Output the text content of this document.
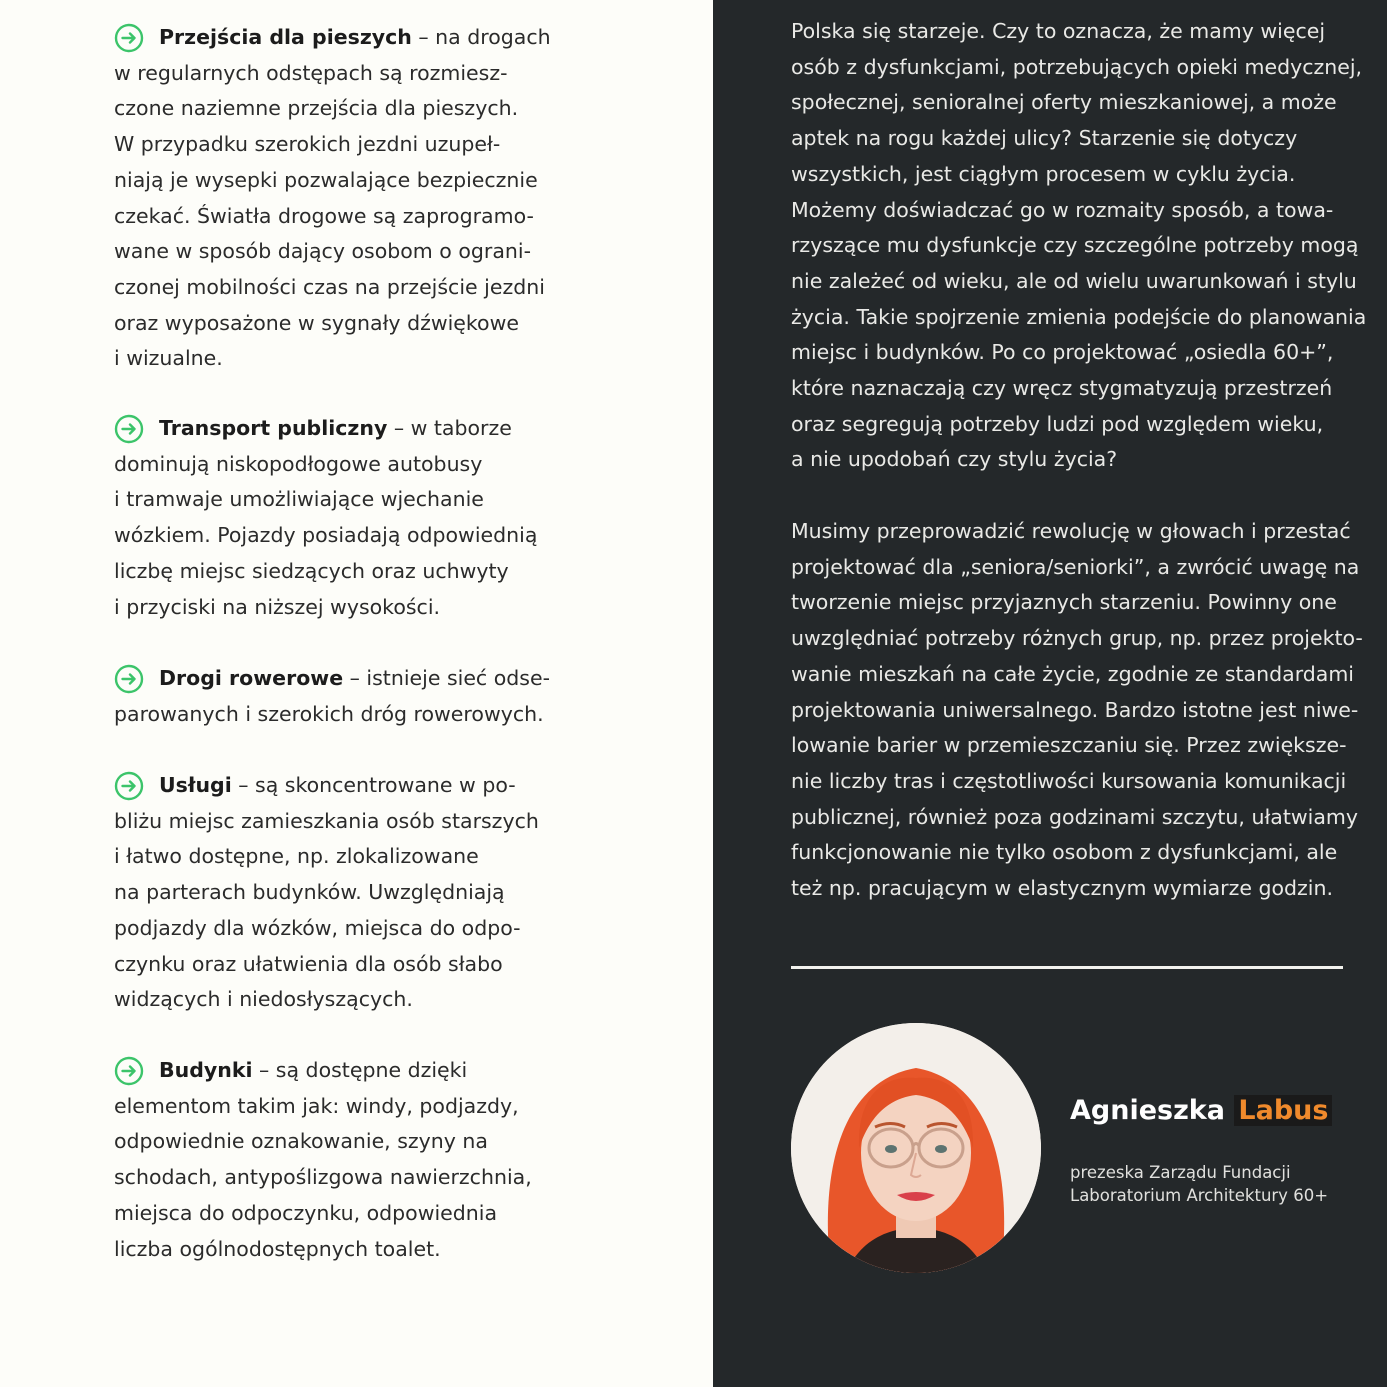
Przejścia dla pieszych – na drogach
w regularnych odstępach są rozmiesz-
czone naziemne przejścia dla pieszych.
W przypadku szerokich jezdni uzupeł-
niają je wysepki pozwalające bezpiecznie
czekać. Światła drogowe są zaprogramo-
wane w sposób dający osobom o ograni-
czonej mobilności czas na przejście jezdni
oraz wyposażone w sygnały dźwiękowe
i wizualne.
Transport publiczny – w taborze
dominują niskopodłogowe autobusy
i tramwaje umożliwiające wjechanie
wózkiem. Pojazdy posiadają odpowiednią
liczbę miejsc siedzących oraz uchwyty
i przyciski na niższej wysokości.
Drogi rowerowe – istnieje sieć odse-
parowanych i szerokich dróg rowerowych.
Usługi – są skoncentrowane w po-
bliżu miejsc zamieszkania osób starszych
i łatwo dostępne, np. zlokalizowane
na parterach budynków. Uwzględniają
podjazdy dla wózków, miejsca do odpo-
czynku oraz ułatwienia dla osób słabo
widzących i niedosłyszących.
Budynki – są dostępne dzięki
elementom takim jak: windy, podjazdy,
odpowiednie oznakowanie, szyny na
schodach, antypoślizgowa nawierzchnia,
miejsca do odpoczynku, odpowiednia
liczba ogólnodostępnych toalet.
Polska się starzeje. Czy to oznacza, że mamy więcej
osób z dysfunkcjami, potrzebujących opieki medycznej,
społecznej, senioralnej oferty mieszkaniowej, a może
aptek na rogu każdej ulicy? Starzenie się dotyczy
wszystkich, jest ciągłym procesem w cyklu życia.
Możemy doświadczać go w rozmaity sposób, a towa-
rzyszące mu dysfunkcje czy szczególne potrzeby mogą
nie zależeć od wieku, ale od wielu uwarunkowań i stylu
życia. Takie spojrzenie zmienia podejście do planowania
miejsc i budynków. Po co projektować „osiedla 60+”,
które naznaczają czy wręcz stygmatyzują przestrzeń
oraz segregują potrzeby ludzi pod względem wieku,
a nie upodobań czy stylu życia?
Musimy przeprowadzić rewolucję w głowach i przestać
projektować dla „seniora/seniorki”, a zwrócić uwagę na
tworzenie miejsc przyjaznych starzeniu. Powinny one
uwzględniać potrzeby różnych grup, np. przez projekto-
wanie mieszkań na całe życie, zgodnie ze standardami
projektowania uniwersalnego. Bardzo istotne jest niwe-
lowanie barier w przemieszczaniu się. Przez zwiększe-
nie liczby tras i częstotliwości kursowania komunikacji
publicznej, również poza godzinami szczytu, ułatwiamy
funkcjonowanie nie tylko osobom z dysfunkcjami, ale
też np. pracującym w elastycznym wymiarze godzin.
Agnieszka Labus
prezeska Zarządu Fundacji
Laboratorium Architektury 60+
